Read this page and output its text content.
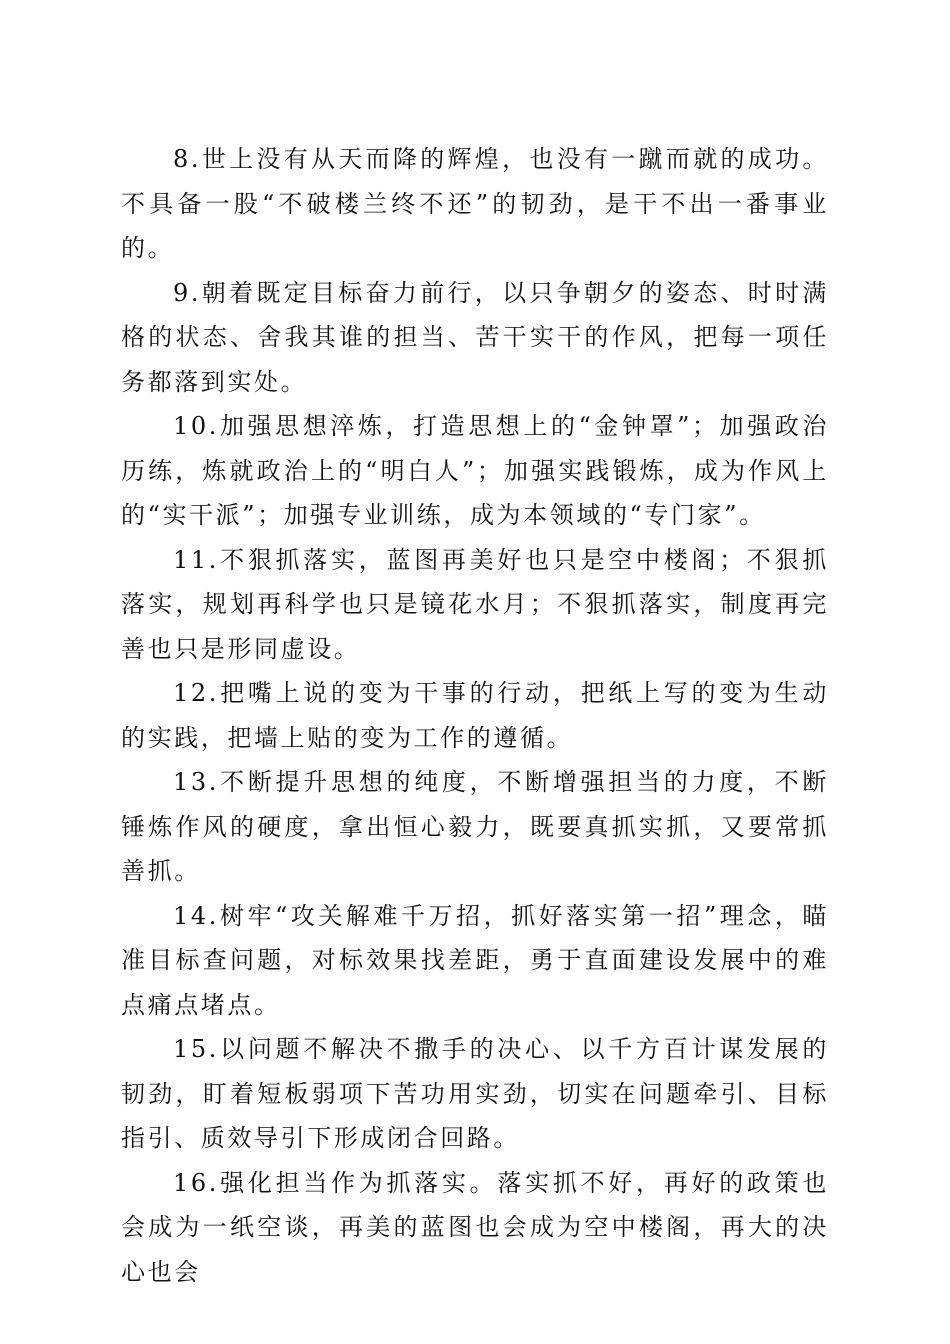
8.世上没有从天而降的辉煌，也没有一蹴而就的成功。不具备一股“不破楼兰终不还”的韧劲，是干不出一番事业的。

9.朝着既定目标奋力前行，以只争朝夕的姿态、时时满格的状态、舍我其谁的担当、苦干实干的作风，把每一项任务都落到实处。

10.加强思想淬炼，打造思想上的“金钟罩”；加强政治历练，炼就政治上的“明白人”；加强实践锻炼，成为作风上的“实干派”；加强专业训练，成为本领域的“专门家”。

11.不狠抓落实，蓝图再美好也只是空中楼阁；不狠抓落实，规划再科学也只是镜花水月；不狠抓落实，制度再完善也只是形同虚设。

12.把嘴上说的变为干事的行动，把纸上写的变为生动的实践，把墙上贴的变为工作的遵循。

13.不断提升思想的纯度，不断增强担当的力度，不断锤炼作风的硬度，拿出恒心毅力，既要真抓实抓，又要常抓善抓。

14.树牢“攻关解难千万招，抓好落实第一招”理念，瞄准目标查问题，对标效果找差距，勇于直面建设发展中的难点痛点堵点。

15.以问题不解决不撒手的决心、以千方百计谋发展的韧劲，盯着短板弱项下苦功用实劲，切实在问题牵引、目标指引、质效导引下形成闭合回路。

16.强化担当作为抓落实。落实抓不好，再好的政策也会成为一纸空谈，再美的蓝图也会成为空中楼阁，再大的决心也会
